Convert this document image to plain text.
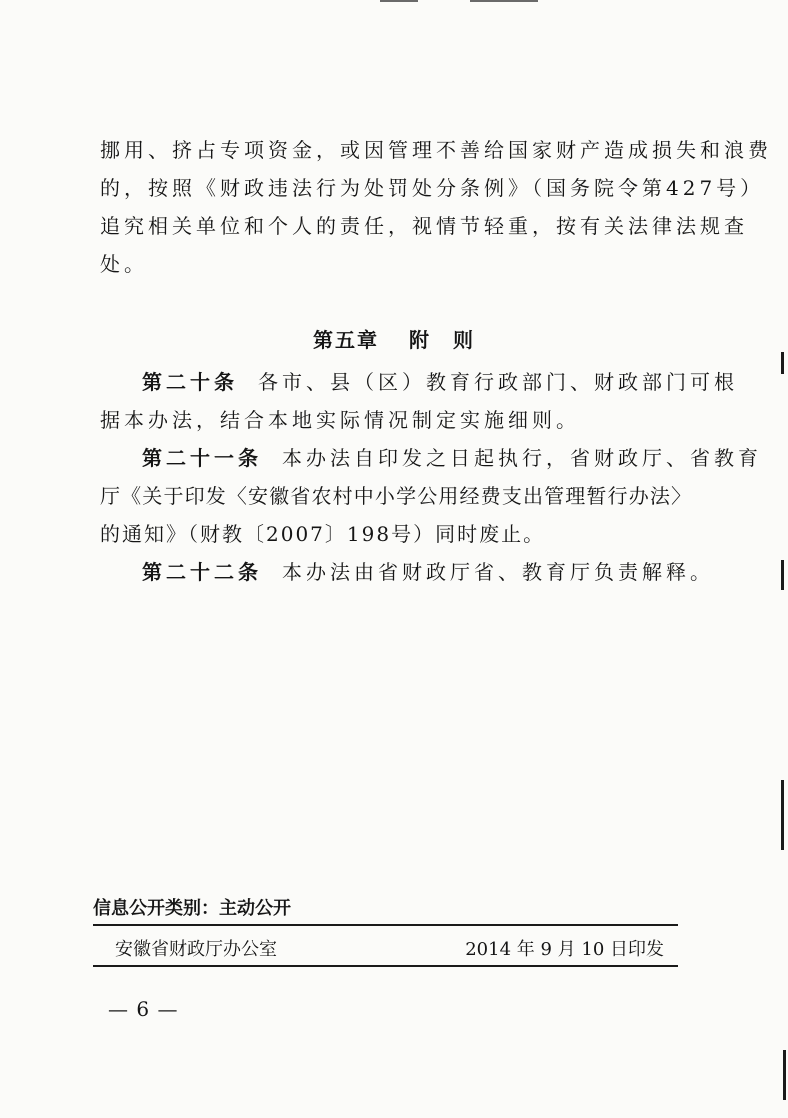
挪用、挤占专项资金，或因管理不善给国家财产造成损失和浪费
的，按照《财政违法行为处罚处分条例》（国务院令第427号）
追究相关单位和个人的责任，视情节轻重，按有关法律法规查
处。
第五章 附　则
第二十条 各市、县（区）教育行政部门、财政部门可根
据本办法，结合本地实际情况制定实施细则。
第二十一条 本办法自印发之日起执行，省财政厅、省教育
厅《关于印发〈安徽省农村中小学公用经费支出管理暂行办法〉
的通知》（财教〔2007〕198号）同时废止。
第二十二条 本办法由省财政厅省、教育厅负责解释。

信息公开类别：主动公开

安徽省财政厅办公室	2014 年 9 月 10 日印发

— 6 —
